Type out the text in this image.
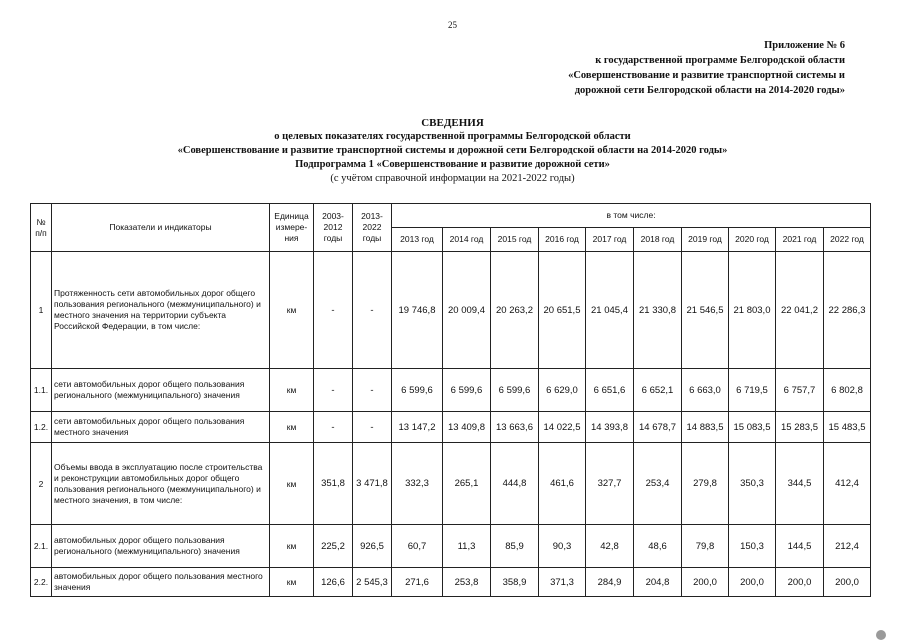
25
Приложение № 6
к государственной программе Белгородской области
«Совершенствование и развитие транспортной системы и
дорожной сети Белгородской области на 2014-2020 годы»
СВЕДЕНИЯ
о целевых показателях государственной программы Белгородской области
«Совершенствование и развитие транспортной системы и дорожной сети Белгородской области на 2014-2020 годы»
Подпрограмма 1 «Совершенствование и развитие дорожной сети»
(с учётом справочной информации на 2021-2022 годы)
№ п/п	Показатели и индикаторы	Единица измере-ния	2003-2012 годы	2013-2022 годы	в том числе:									
					2013 год	2014 год	2015 год	2016 год	2017 год	2018 год	2019 год	2020 год	2021 год	2022 год
1	Протяженность сети автомобильных дорог общего пользования регионального (межмуниципального) и местного значения на территории субъекта Российской Федерации, в том числе:	км	-	-	19 746,8	20 009,4	20 263,2	20 651,5	21 045,4	21 330,8	21 546,5	21 803,0	22 041,2	22 286,3
1.1.	сети автомобильных дорог общего пользования регионального (межмуниципального) значения	км	-	-	6 599,6	6 599,6	6 599,6	6 629,0	6 651,6	6 652,1	6 663,0	6 719,5	6 757,7	6 802,8
1.2.	сети автомобильных дорог общего пользования местного значения	км	-	-	13 147,2	13 409,8	13 663,6	14 022,5	14 393,8	14 678,7	14 883,5	15 083,5	15 283,5	15 483,5
2	Объемы ввода в эксплуатацию после строительства и реконструкции автомобильных дорог общего пользования регионального (межмуниципального) и местного значения, в том числе:	км	351,8	3 471,8	332,3	265,1	444,8	461,6	327,7	253,4	279,8	350,3	344,5	412,4
2.1.	автомобильных дорог общего пользования регионального (межмуниципального) значения	км	225,2	926,5	60,7	11,3	85,9	90,3	42,8	48,6	79,8	150,3	144,5	212,4
2.2.	автомобильных дорог общего пользования местного значения	км	126,6	2 545,3	271,6	253,8	358,9	371,3	284,9	204,8	200,0	200,0	200,0	200,0
